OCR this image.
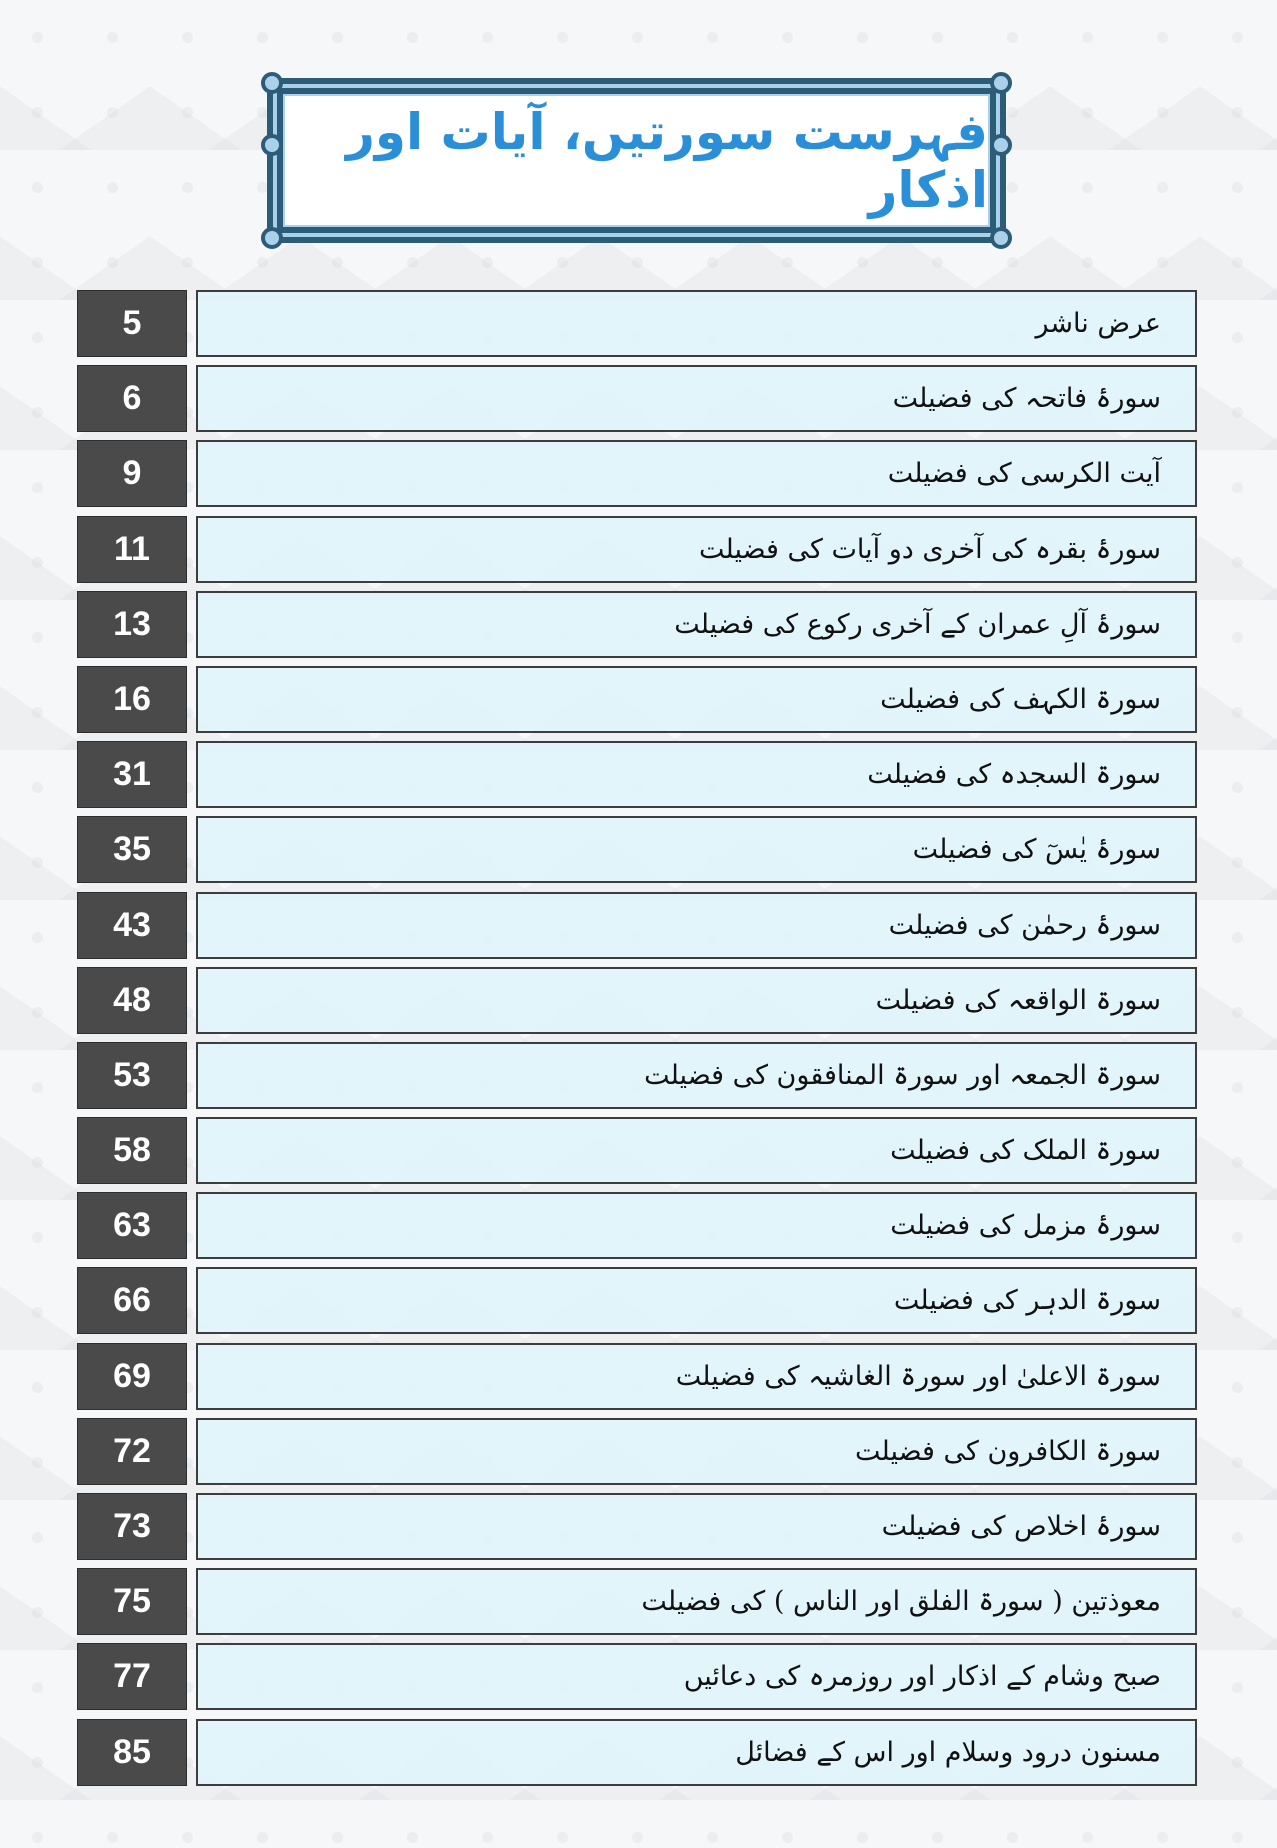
فہرست سورتیں، آیات اور اذکار
5	عرض ناشر
6	سورۂ فاتحہ کی فضیلت
9	آیت الکرسی کی فضیلت
11	سورۂ بقرہ کی آخری دو آیات کی فضیلت
13	سورۂ آلِ عمران کے آخری رکوع کی فضیلت
16	سورۃ الکہف کی فضیلت
31	سورۃ السجدہ کی فضیلت
35	سورۂ یٰسٓ کی فضیلت
43	سورۂ رحمٰن کی فضیلت
48	سورۃ الواقعہ کی فضیلت
53	سورۃ الجمعہ اور سورۃ المنافقون کی فضیلت
58	سورۃ الملک کی فضیلت
63	سورۂ مزمل کی فضیلت
66	سورۃ الدہر کی فضیلت
69	سورۃ الاعلیٰ اور سورۃ الغاشیہ کی فضیلت
72	سورۃ الکافرون کی فضیلت
73	سورۂ اخلاص کی فضیلت
75	معوذتین ( سورۃ الفلق اور الناس ) کی فضیلت
77	صبح وشام کے اذکار اور روزمرہ کی دعائیں
85	مسنون درود وسلام اور اس کے فضائل
